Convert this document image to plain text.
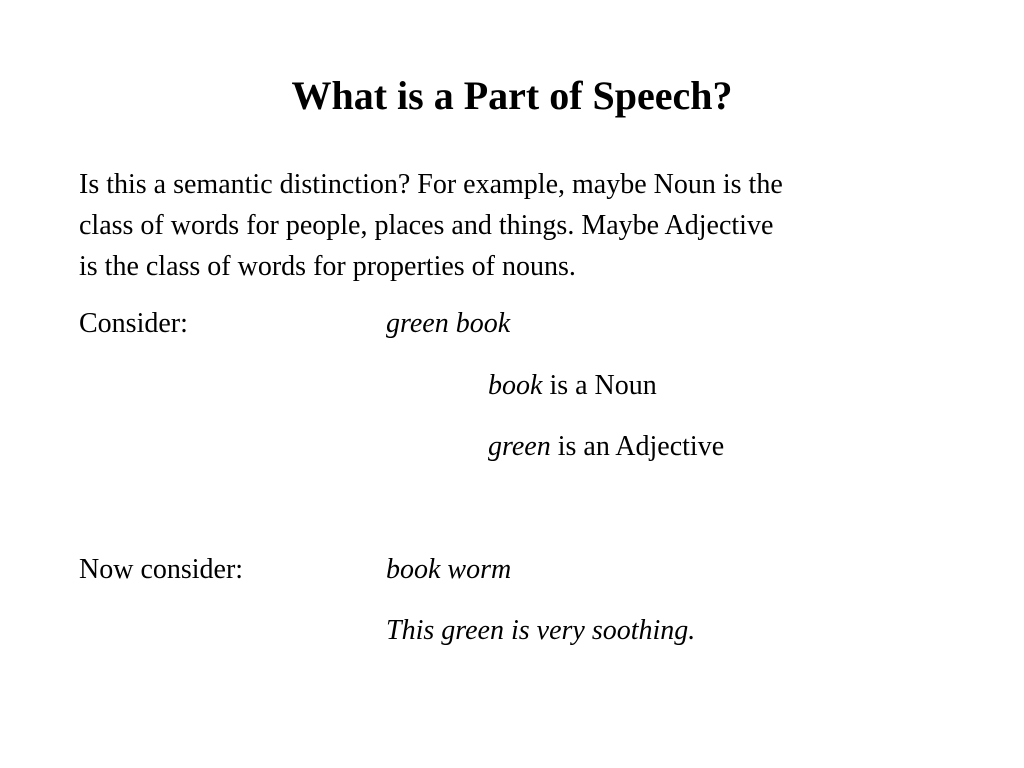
What is a Part of Speech?

Is this a semantic distinction? For example, maybe Noun is the
class of words for people, places and things. Maybe Adjective
is the class of words for properties of nouns.

Consider:	green book
book is a Noun
green is an Adjective
Now consider:	book worm
This green is very soothing.
